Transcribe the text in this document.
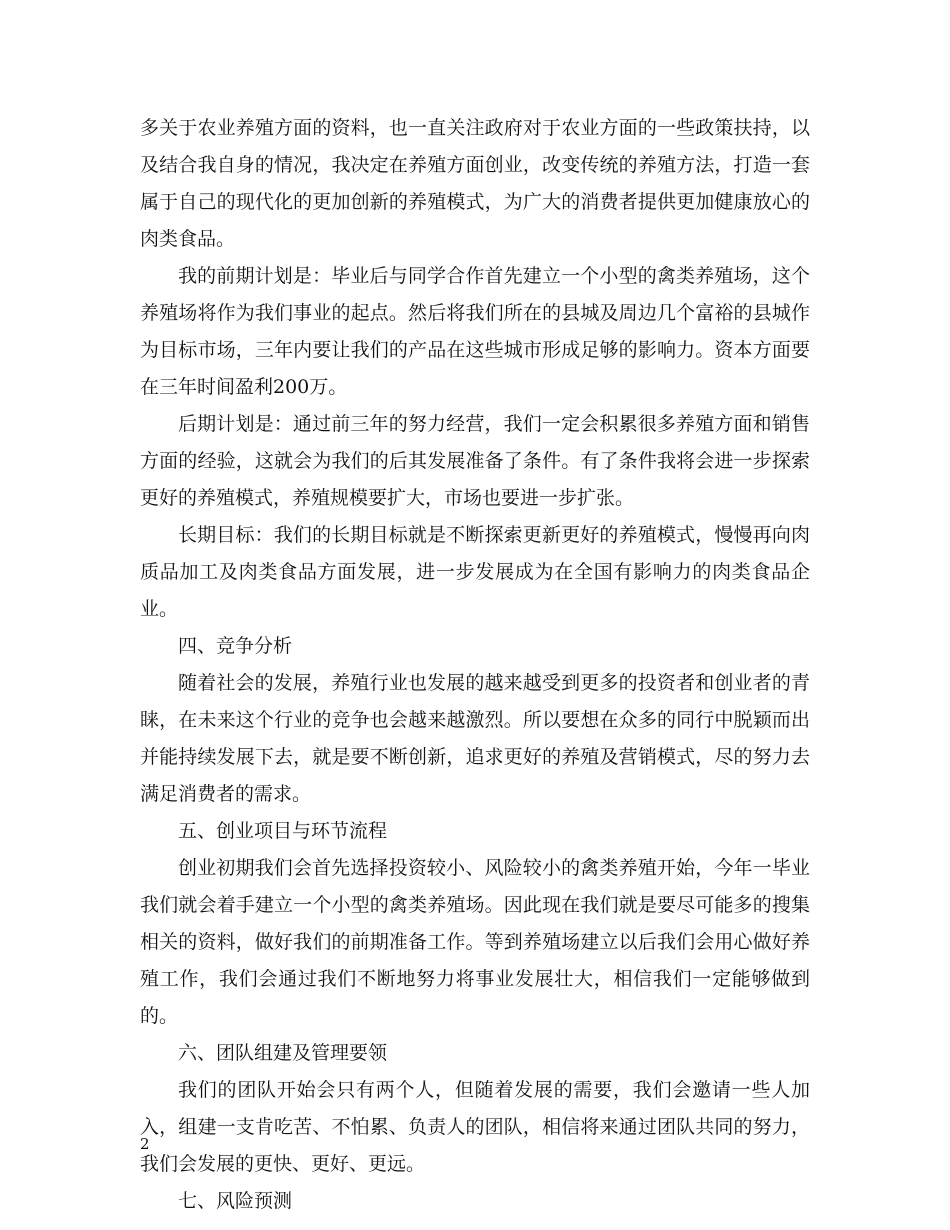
多关于农业养殖方面的资料，也一直关注政府对于农业方面的一些政策扶持，以及结合我自身的情况，我决定在养殖方面创业，改变传统的养殖方法，打造一套属于自己的现代化的更加创新的养殖模式，为广大的消费者提供更加健康放心的肉类食品。

我的前期计划是：毕业后与同学合作首先建立一个小型的禽类养殖场，这个养殖场将作为我们事业的起点。然后将我们所在的县城及周边几个富裕的县城作为目标市场，三年内要让我们的产品在这些城市形成足够的影响力。资本方面要在三年时间盈利200万。

后期计划是：通过前三年的努力经营，我们一定会积累很多养殖方面和销售方面的经验，这就会为我们的后其发展准备了条件。有了条件我将会进一步探索更好的养殖模式，养殖规模要扩大，市场也要进一步扩张。

长期目标：我们的长期目标就是不断探索更新更好的养殖模式，慢慢再向肉质品加工及肉类食品方面发展，进一步发展成为在全国有影响力的肉类食品企业。

四、竞争分析

随着社会的发展，养殖行业也发展的越来越受到更多的投资者和创业者的青睐，在未来这个行业的竞争也会越来越激烈。所以要想在众多的同行中脱颖而出并能持续发展下去，就是要不断创新，追求更好的养殖及营销模式，尽的努力去满足消费者的需求。

五、创业项目与环节流程

创业初期我们会首先选择投资较小、风险较小的禽类养殖开始，今年一毕业我们就会着手建立一个小型的禽类养殖场。因此现在我们就是要尽可能多的搜集相关的资料，做好我们的前期准备工作。等到养殖场建立以后我们会用心做好养殖工作，我们会通过我们不断地努力将事业发展壮大，相信我们一定能够做到的。

六、团队组建及管理要领

我们的团队开始会只有两个人，但随着发展的需要，我们会邀请一些人加入，组建一支肯吃苦、不怕累、负责人的团队，相信将来通过团队共同的努力，我们会发展的更快、更好、更远。

七、风险预测

2
